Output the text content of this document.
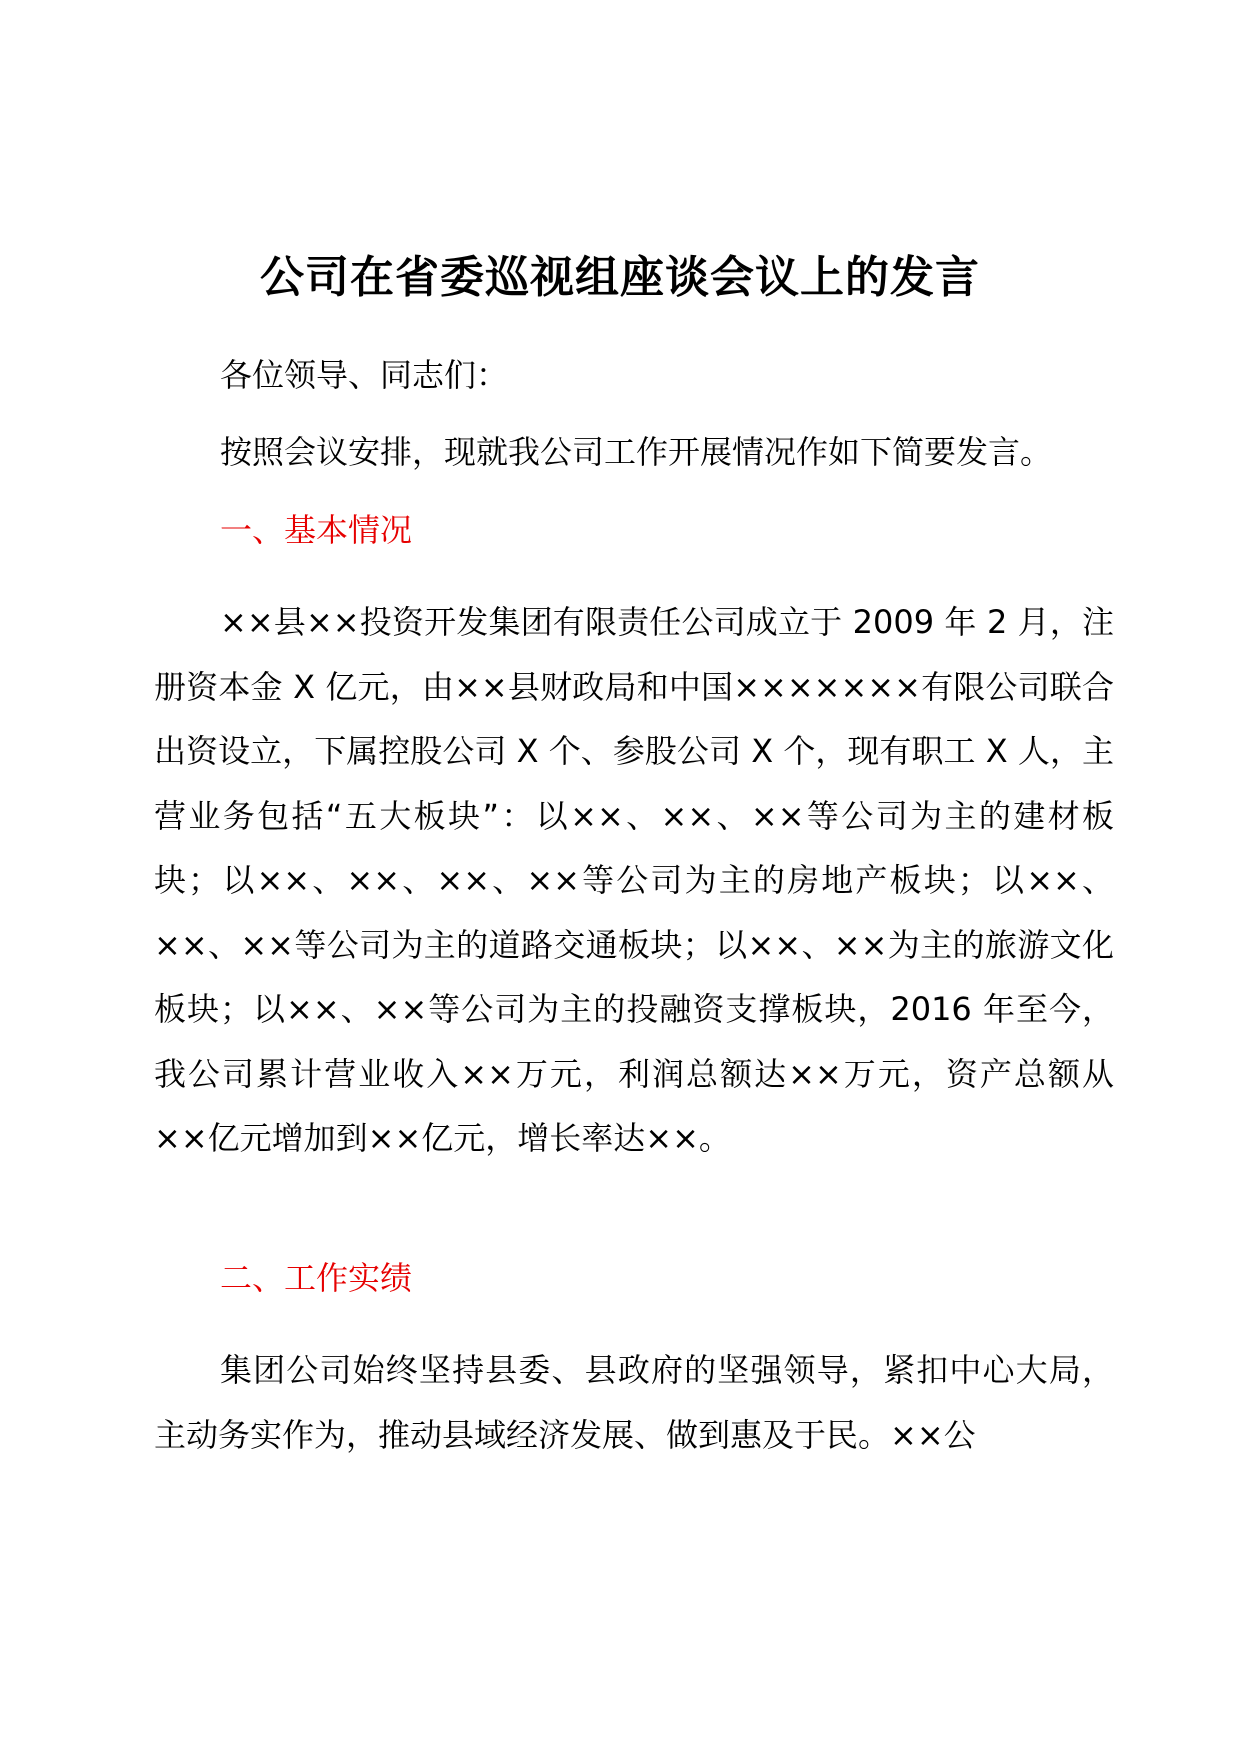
公司在省委巡视组座谈会议上的发言
各位领导、同志们：
按照会议安排，现就我公司工作开展情况作如下简要发言。
一、基本情况

××县××投资开发集团有限责任公司成立于 2009 年 2 月，注册资本金 X 亿元，由××县财政局和中国×××××××有限公司联合出资设立，下属控股公司 X 个、参股公司 X 个，现有职工 X 人，主营业务包括“五大板块”：以××、××、××等公司为主的建材板块；以××、××、××、××等公司为主的房地产板块；以××、××、××等公司为主的道路交通板块；以××、××为主的旅游文化板块；以××、××等公司为主的投融资支撑板块，2016 年至今，我公司累计营业收入××万元，利润总额达××万元，资产总额从××亿元增加到××亿元，增长率达××。

二、工作实绩

集团公司始终坚持县委、县政府的坚强领导，紧扣中心大局，主动务实作为，推动县域经济发展、做到惠及于民。××公
